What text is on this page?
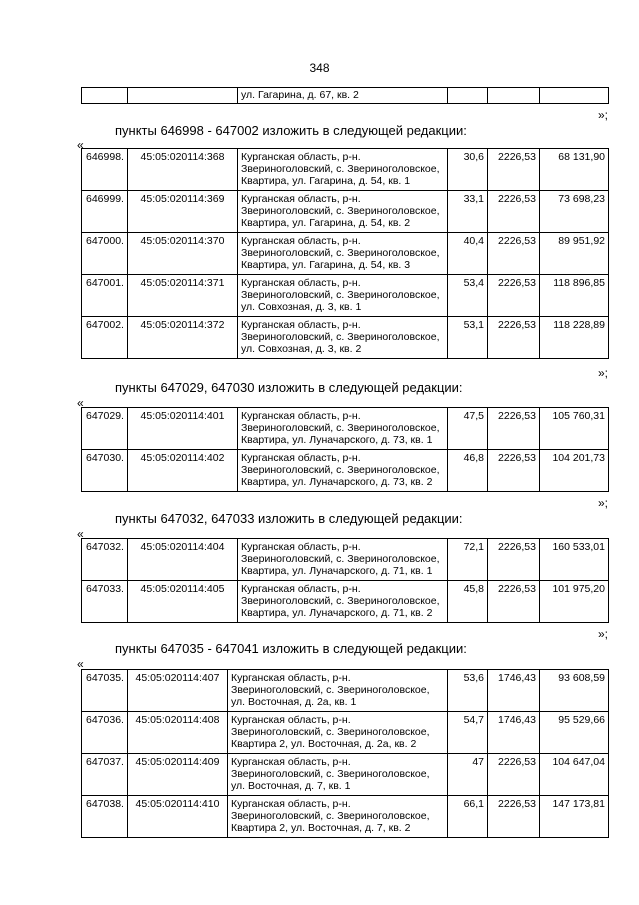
348
		ул. Гагарина, д. 67, кв. 2			
»;
пункты 646998 - 647002 изложить в следующей редакции:
«
646998.	45:05:020114:368	Курганская область, р-н. Звериноголовский, с. Звериноголовское, Квартира, ул. Гагарина, д. 54, кв. 1	30,6	2226,53	68 131,90
646999.	45:05:020114:369	Курганская область, р-н. Звериноголовский, с. Звериноголовское, Квартира, ул. Гагарина, д. 54, кв. 2	33,1	2226,53	73 698,23
647000.	45:05:020114:370	Курганская область, р-н. Звериноголовский, с. Звериноголовское, Квартира, ул. Гагарина, д. 54, кв. 3	40,4	2226,53	89 951,92
647001.	45:05:020114:371	Курганская область, р-н. Звериноголовский, с. Звериноголовское, ул. Совхозная, д. 3, кв. 1	53,4	2226,53	118 896,85
647002.	45:05:020114:372	Курганская область, р-н. Звериноголовский, с. Звериноголовское, ул. Совхозная, д. 3, кв. 2	53,1	2226,53	118 228,89
»;
пункты 647029, 647030 изложить в следующей редакции:
«
647029.	45:05:020114:401	Курганская область, р-н. Звериноголовский, с. Звериноголовское, Квартира, ул. Луначарского, д. 73, кв. 1	47,5	2226,53	105 760,31
647030.	45:05:020114:402	Курганская область, р-н. Звериноголовский, с. Звериноголовское, Квартира, ул. Луначарского, д. 73, кв. 2	46,8	2226,53	104 201,73
»;
пункты 647032, 647033 изложить в следующей редакции:
«
647032.	45:05:020114:404	Курганская область, р-н. Звериноголовский, с. Звериноголовское, Квартира, ул. Луначарского, д. 71, кв. 1	72,1	2226,53	160 533,01
647033.	45:05:020114:405	Курганская область, р-н. Звериноголовский, с. Звериноголовское, Квартира, ул. Луначарского, д. 71, кв. 2	45,8	2226,53	101 975,20
»;
пункты 647035 - 647041 изложить в следующей редакции:
«
647035.	45:05:020114:407	Курганская область, р-н. Звериноголовский, с. Звериноголовское, ул. Восточная, д. 2а, кв. 1	53,6	1746,43	93 608,59
647036.	45:05:020114:408	Курганская область, р-н. Звериноголовский, с. Звериноголовское, Квартира 2, ул. Восточная, д. 2а, кв. 2	54,7	1746,43	95 529,66
647037.	45:05:020114:409	Курганская область, р-н. Звериноголовский, с. Звериноголовское, ул. Восточная, д. 7, кв. 1	47	2226,53	104 647,04
647038.	45:05:020114:410	Курганская область, р-н. Звериноголовский, с. Звериноголовское, Квартира 2, ул. Восточная, д. 7, кв. 2	66,1	2226,53	147 173,81
